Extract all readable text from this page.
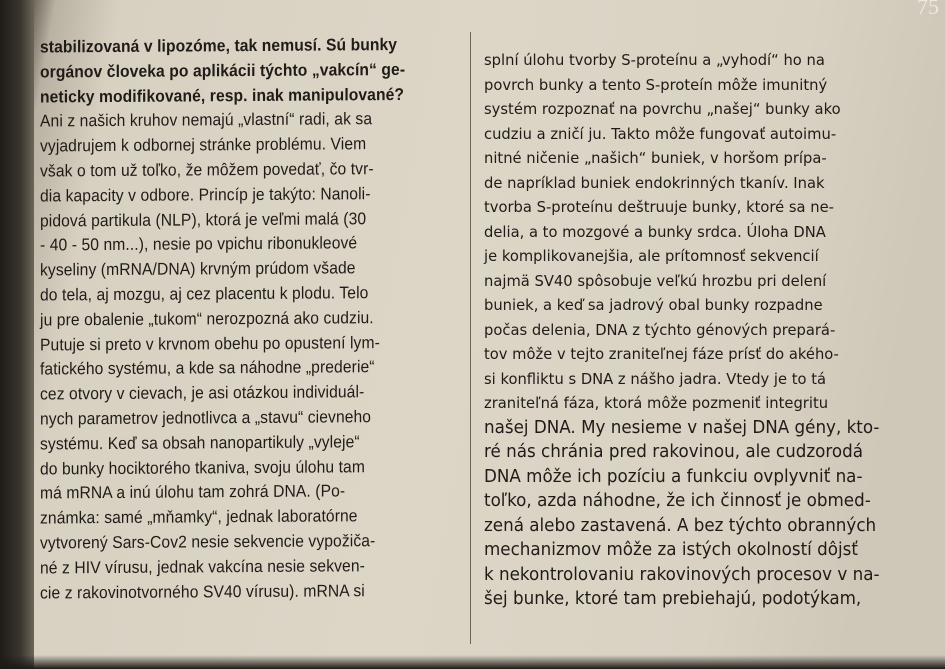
75

stabilizovaná v lipozóme, tak nemusí. Sú bunky

orgánov človeka po aplikácii týchto „vakcín“ ge-

neticky modifikované, resp. inak manipulované?

Ani z našich kruhov nemajú „vlastní“ radi, ak sa

vyjadrujem k odbornej stránke problému. Viem

však o tom už toľko, že môžem povedať, čo tvr-

dia kapacity v odbore. Princíp je takýto: Nanoli-

pidová partikula (NLP), ktorá je veľmi malá (30

- 40 - 50 nm...), nesie po vpichu ribonukleové

kyseliny (mRNA/DNA) krvným prúdom všade

do tela, aj mozgu, aj cez placentu k plodu. Telo

ju pre obalenie „tukom“ nerozpozná ako cudziu.

Putuje si preto v krvnom obehu po opustení lym-

fatického systému, a kde sa náhodne „prederie“

cez otvory v cievach, je asi otázkou individuál-

nych parametrov jednotlivca a „stavu“ cievneho

systému. Keď sa obsah nanopartikuly „vyleje“

do bunky hociktorého tkaniva, svoju úlohu tam

má mRNA a inú úlohu tam zohrá DNA. (Po-

známka: samé „mňamky“, jednak laboratórne

vytvorený Sars-Cov2 nesie sekvencie vypožiča-

né z HIV vírusu, jednak vakcína nesie sekven-

cie z rakovinotvorného SV40 vírusu). mRNA si

splní úlohu tvorby S-proteínu a „vyhodí“ ho na

povrch bunky a tento S-proteín môže imunitný

systém rozpoznať na povrchu „našej“ bunky ako

cudziu a zničí ju. Takto môže fungovať autoimu-

nitné ničenie „našich“ buniek, v horšom prípa-

de napríklad buniek endokrinných tkanív. Inak

tvorba S-proteínu deštruuje bunky, ktoré sa ne-

delia, a to mozgové a bunky srdca. Úloha DNA

je komplikovanejšia, ale prítomnosť sekvencií

najmä SV40 spôsobuje veľkú hrozbu pri delení

buniek, a keď sa jadrový obal bunky rozpadne

počas delenia, DNA z týchto génových prepará-

tov môže v tejto zraniteľnej fáze prísť do akého-

si konfliktu s DNA z nášho jadra. Vtedy je to tá

zraniteľná fáza, ktorá môže pozmeniť integritu

našej DNA. My nesieme v našej DNA gény, kto-

ré nás chránia pred rakovinou, ale cudzorodá

DNA môže ich pozíciu a funkciu ovplyvniť na-

toľko, azda náhodne, že ich činnosť je obmed-

zená alebo zastavená. A bez týchto obranných

mechanizmov môže za istých okolností dôjsť

k nekontrolovaniu rakovinových procesov v na-

šej bunke, ktoré tam prebiehajú, podotýkam,
